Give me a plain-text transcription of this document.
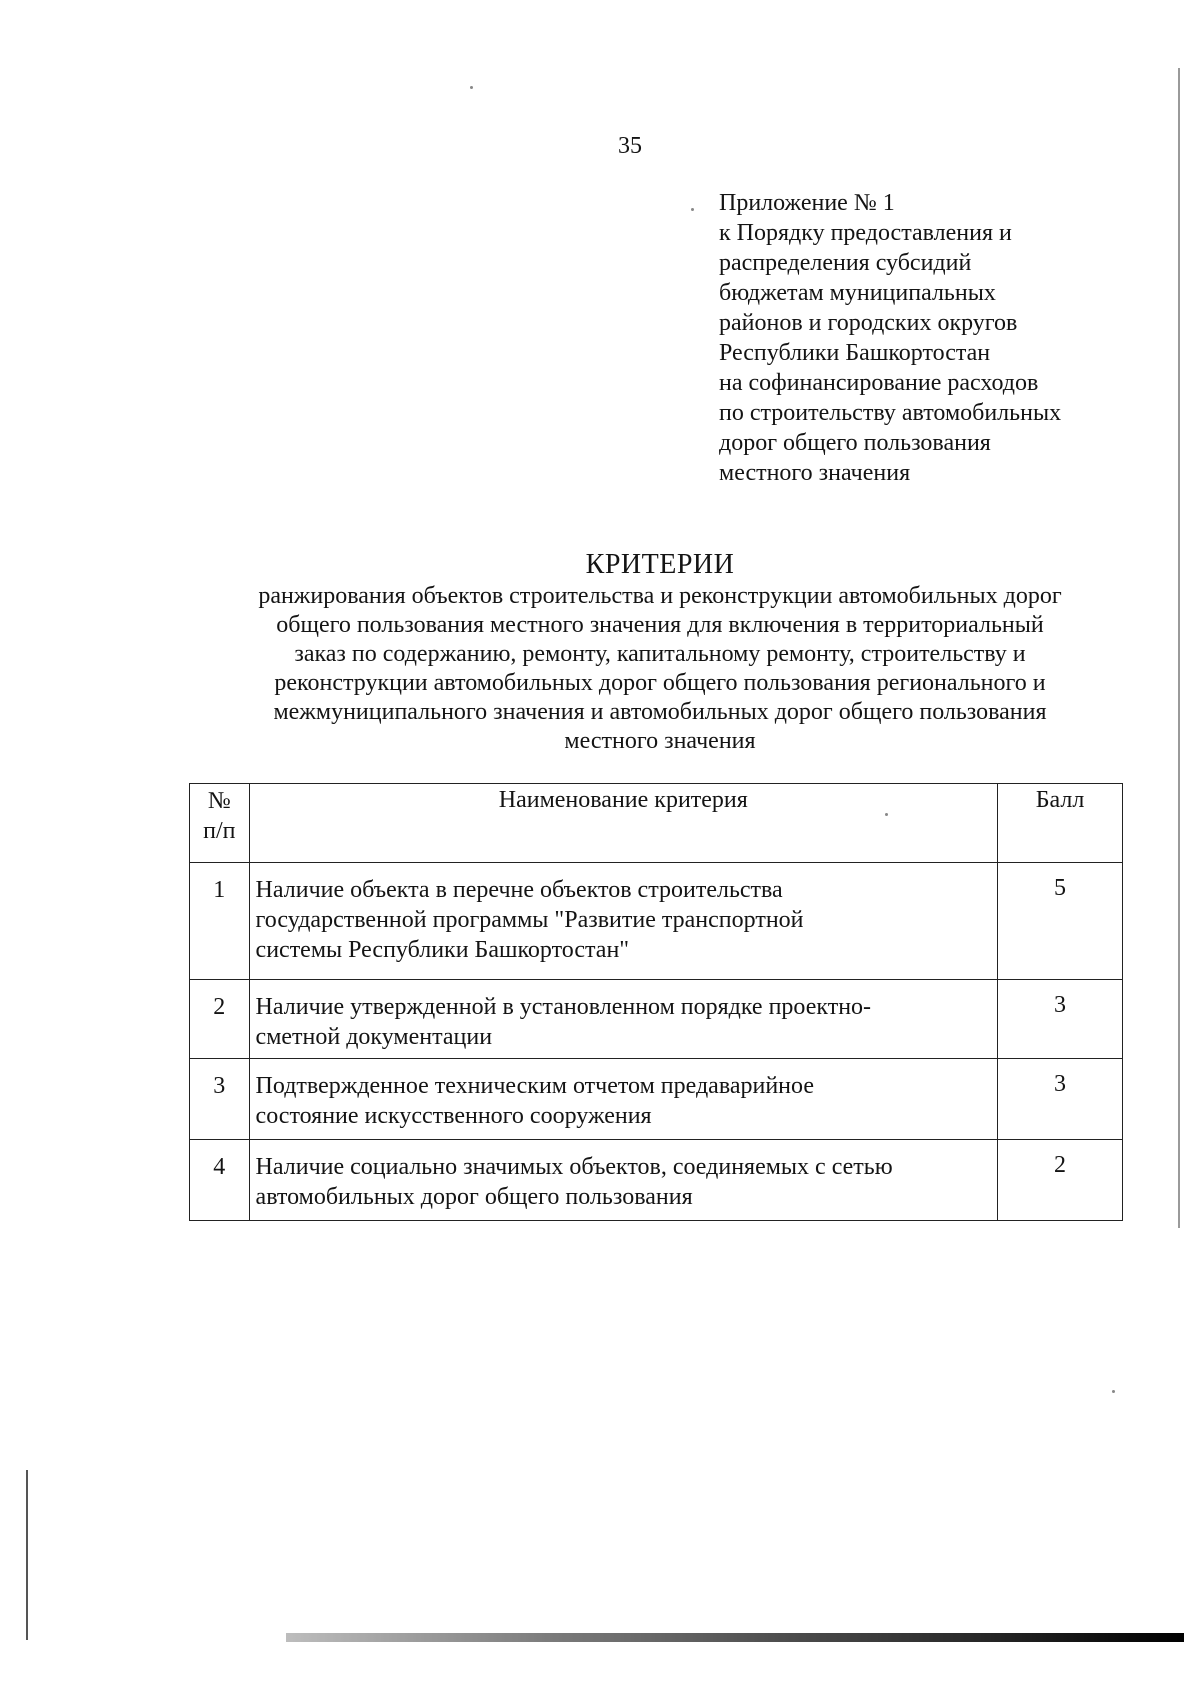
35
Приложение № 1
к Порядку предоставления и
распределения субсидий
бюджетам муниципальных
районов и городских округов
Республики Башкортостан
на софинансирование расходов
по строительству автомобильных
дорог общего пользования
местного значения
КРИТЕРИИ
ранжирования объектов строительства и реконструкции автомобильных дорог
общего пользования местного значения для включения в территориальный
заказ по содержанию, ремонту, капитальному ремонту, строительству и
реконструкции автомобильных дорог общего пользования регионального и
межмуниципального значения и автомобильных дорог общего пользования
местного значения
№
п/п	Наименование критерия	Балл
1	Наличие объекта в перечне объектов строительства
государственной программы "Развитие транспортной
системы Республики Башкортостан"	5
2	Наличие утвержденной в установленном порядке проектно-
сметной документации	3
3	Подтвержденное техническим отчетом предаварийное
состояние искусственного сооружения	3
4	Наличие социально значимых объектов, соединяемых с сетью
автомобильных дорог общего пользования	2
